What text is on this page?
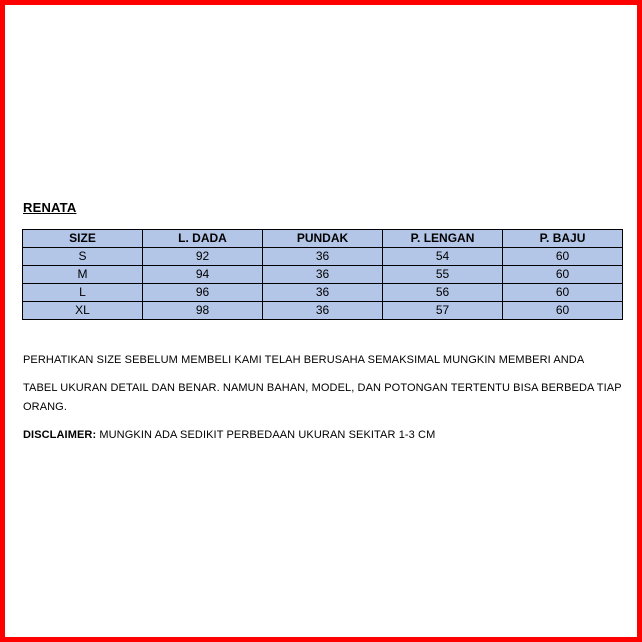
RENATA
SIZE	L. DADA	PUNDAK	P. LENGAN	P. BAJU
S	92	36	54	60
M	94	36	55	60
L	96	36	56	60
XL	98	36	57	60
PERHATIKAN SIZE SEBELUM MEMBELI KAMI TELAH BERUSAHA SEMAKSIMAL MUNGKIN MEMBERI ANDA
TABEL UKURAN DETAIL DAN BENAR. NAMUN BAHAN, MODEL, DAN POTONGAN TERTENTU BISA BERBEDA TIAP ORANG.
DISCLAIMER: MUNGKIN ADA SEDIKIT PERBEDAAN UKURAN SEKITAR 1-3 CM
